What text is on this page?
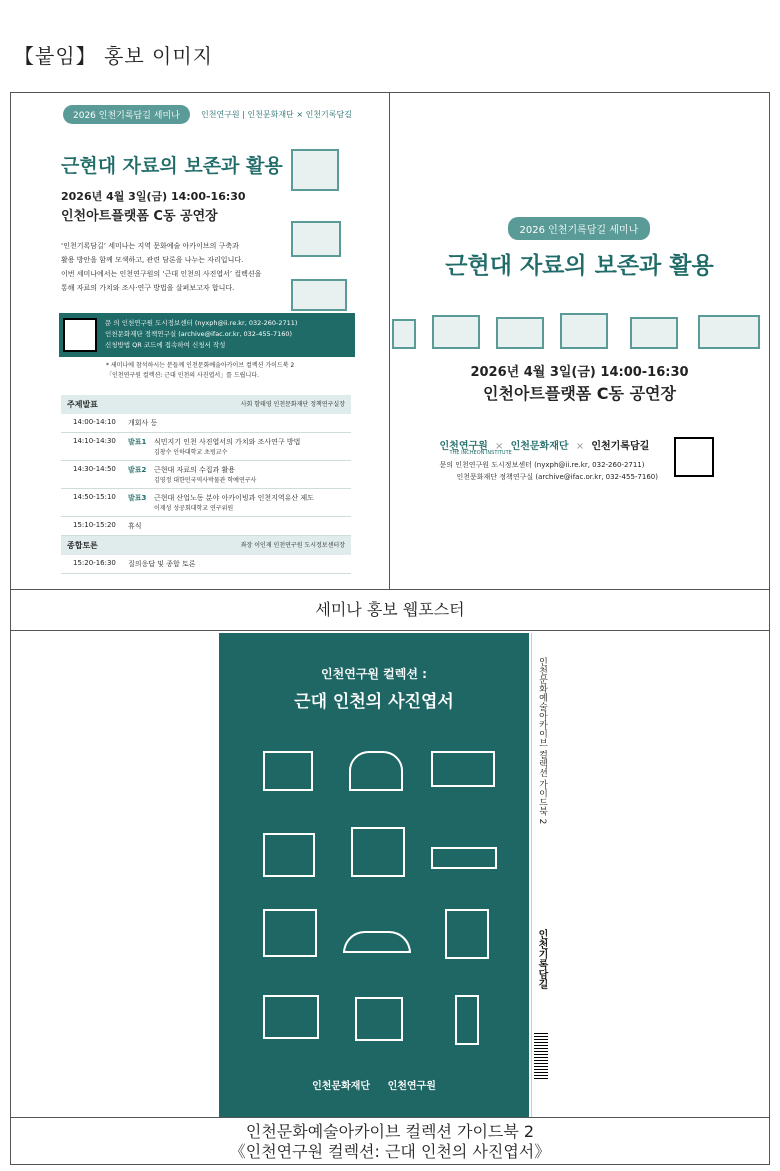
【붙임】 홍보 이미지
2026 인천기록담길 세미나	인천연구원 | 인천문화재단 × 인천기록담길
근현대 자료의 보존과 활용
2026년 4월 3일(금) 14:00-16:30
인천아트플랫폼 C동 공연장
‘인천기록담길’ 세미나는 지역 문화예술 아카이브의 구축과
활용 방안을 함께 모색하고, 관련 담론을 나누는 자리입니다.
이번 세미나에서는 인천연구원의 ‘근대 인천의 사진엽서’ 컬렉션을
통해 자료의 가치와 조사·연구 방법을 살펴보고자 합니다.
문 의 인천연구원 도시정보센터 (nyxph@ii.re.kr, 032-260-2711)
인천문화재단 정책연구실 (archive@ifac.or.kr, 032-455-7160)
신청방법 QR 코드에 접속하여 신청서 작성
* 세미나에 참석하시는 분들께 인천문화예술아카이브 컬렉션 가이드북 2
「인천연구원 컬렉션: 근대 인천의 사진엽서」를 드립니다.
주제발표	사회 함태영 인천문화재단 정책연구실장
14:00-14:10	개회사 등
14:10-14:30	발표1	식민지기 인천 사진엽서의 가치와 조사연구 방법
김창수 인하대학교 초빙교수
14:30-14:50	발표2	근현대 자료의 수집과 활용
김영정 대한민국역사박물관 학예연구사
14:50-15:10	발표3	근현대 산업노동 분야 아카이빙과 인천지역유산 제도
이재성 성공회대학교 연구위원
15:10-15:20	휴식
종합토론	좌장 이인재 인천연구원 도시정보센터장
15:20-16:30	질의응답 및 종합 토론

2026 인천기록담길 세미나
근현대 자료의 보존과 활용
2026년 4월 3일(금) 14:00-16:30
인천아트플랫폼 C동 공연장
인천연구원 × 인천문화재단 × 인천기록담길
THE INCHEON INSTITUTE
문의 인천연구원 도시정보센터 (nyxph@ii.re.kr, 032-260-2711)
인천문화재단 정책연구실 (archive@ifac.or.kr, 032-455-7160)

세미나 홍보 웹포스터

인천연구원 컬렉션 :
근대 인천의 사진엽서
인천문화재단 인천연구원
인천문화예술아카이브 컬렉션 가이드북 2
인천기록담길

인천문화예술아카이브 컬렉션 가이드북 2
《인천연구원 컬렉션: 근대 인천의 사진엽서》
